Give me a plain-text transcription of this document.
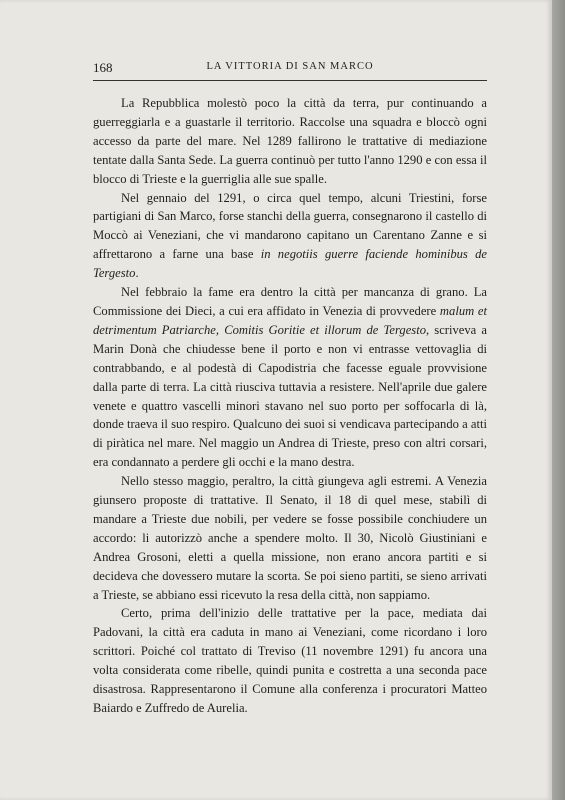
168	LA VITTORIA DI SAN MARCO

La Repubblica molestò poco la città da terra, pur continuando a guerreggiarla e a guastarle il territorio. Raccolse una squadra e bloccò ogni accesso da parte del mare. Nel 1289 fallirono le trattative di mediazione tentate dalla Santa Sede. La guerra continuò per tutto l'anno 1290 e con essa il blocco di Trieste e la guerriglia alle sue spalle.

Nel gennaio del 1291, o circa quel tempo, alcuni Triestini, forse partigiani di San Marco, forse stanchi della guerra, consegnarono il castello di Moccò ai Veneziani, che vi mandarono capitano un Carentano Zanne e si affrettarono a farne una base in negotiis guerre faciende hominibus de Tergesto.

Nel febbraio la fame era dentro la città per mancanza di grano. La Commissione dei Dieci, a cui era affidato in Venezia di provvedere malum et detrimentum Patriarche, Comitis Goritie et illorum de Tergesto, scriveva a Marin Donà che chiudesse bene il porto e non vi entrasse vettovaglia di contrabbando, e al podestà di Capodistria che facesse eguale provvisione dalla parte di terra. La città riusciva tuttavia a resistere. Nell'aprile due galere venete e quattro vascelli minori stavano nel suo porto per soffocarla di là, donde traeva il suo respiro. Qualcuno dei suoi si vendicava partecipando a atti di piràtica nel mare. Nel maggio un Andrea di Trieste, preso con altri corsari, era condannato a perdere gli occhi e la mano destra.

Nello stesso maggio, peraltro, la città giungeva agli estremi. A Venezia giunsero proposte di trattative. Il Senato, il 18 di quel mese, stabilì di mandare a Trieste due nobili, per vedere se fosse possibile conchiudere un accordo: li autorizzò anche a spendere molto. Il 30, Nicolò Giustiniani e Andrea Grosoni, eletti a quella missione, non erano ancora partiti e si decideva che dovessero mutare la scorta. Se poi sieno partiti, se sieno arrivati a Trieste, se abbiano essi ricevuto la resa della città, non sappiamo.

Certo, prima dell'inizio delle trattative per la pace, mediata dai Padovani, la città era caduta in mano ai Veneziani, come ricordano i loro scrittori. Poiché col trattato di Treviso (11 novembre 1291) fu ancora una volta considerata come ribelle, quindi punita e costretta a una seconda pace disastrosa. Rappresentarono il Comune alla conferenza i procuratori Matteo Baiardo e Zuffredo de Aurelia.
